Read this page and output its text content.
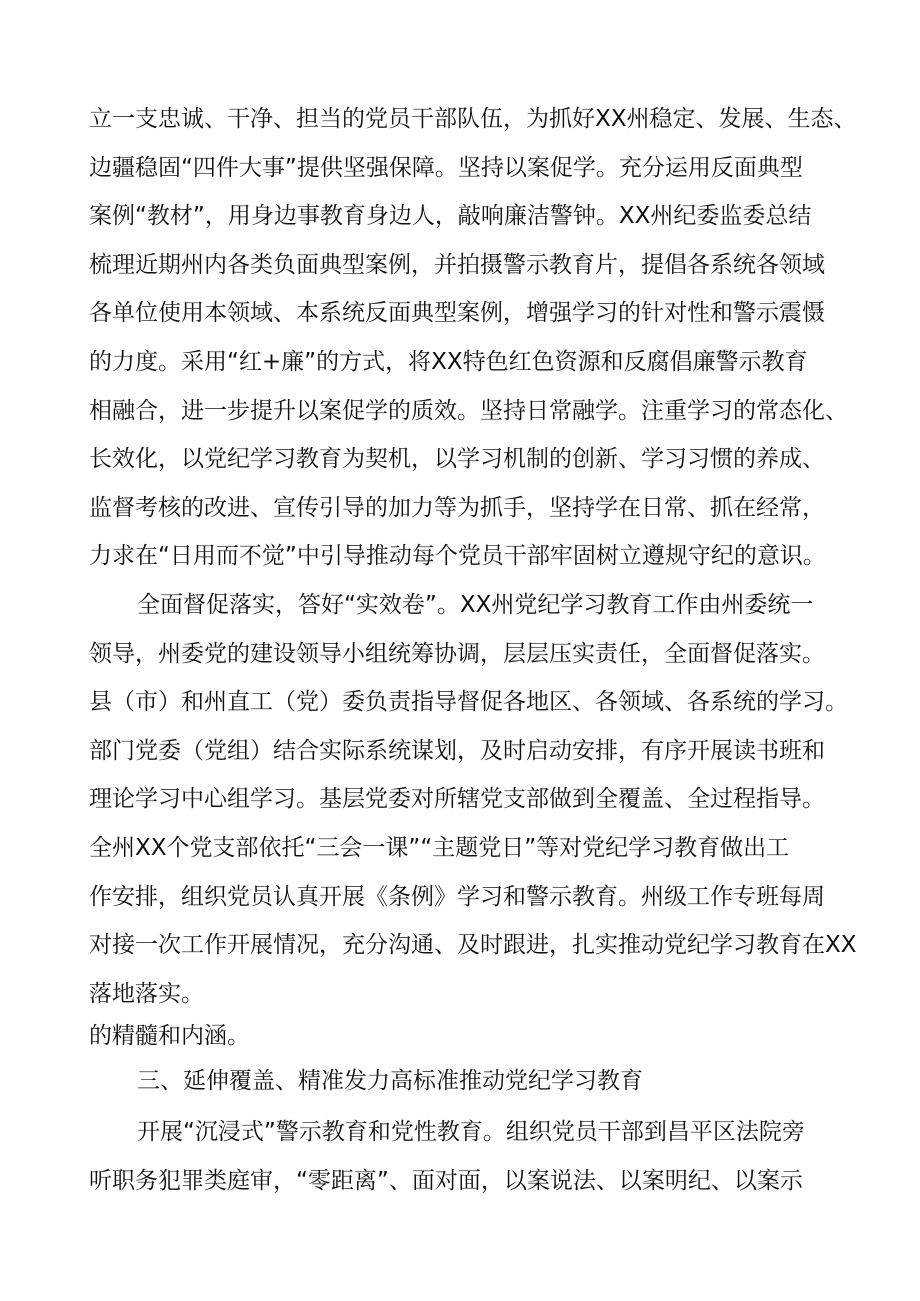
立一支忠诚、干净、担当的党员干部队伍，为抓好XX州稳定、发展、生态、
边疆稳固“四件大事”提供坚强保障。坚持以案促学。充分运用反面典型
案例“教材”，用身边事教育身边人，敲响廉洁警钟。XX州纪委监委总结
梳理近期州内各类负面典型案例，并拍摄警示教育片，提倡各系统各领域
各单位使用本领域、本系统反面典型案例，增强学习的针对性和警示震慑
的力度。采用“红+廉”的方式，将XX特色红色资源和反腐倡廉警示教育
相融合，进一步提升以案促学的质效。坚持日常融学。注重学习的常态化、
长效化，以党纪学习教育为契机，以学习机制的创新、学习习惯的养成、
监督考核的改进、宣传引导的加力等为抓手，坚持学在日常、抓在经常，
力求在“日用而不觉”中引导推动每个党员干部牢固树立遵规守纪的意识。
全面督促落实，答好“实效卷”。XX州党纪学习教育工作由州委统一
领导，州委党的建设领导小组统筹协调，层层压实责任，全面督促落实。
县（市）和州直工（党）委负责指导督促各地区、各领域、各系统的学习。
部门党委（党组）结合实际系统谋划，及时启动安排，有序开展读书班和
理论学习中心组学习。基层党委对所辖党支部做到全覆盖、全过程指导。
全州XX个党支部依托“三会一课”“主题党日”等对党纪学习教育做出工
作安排，组织党员认真开展《条例》学习和警示教育。州级工作专班每周
对接一次工作开展情况，充分沟通、及时跟进，扎实推动党纪学习教育在XX
落地落实。
的精髓和内涵。
三、延伸覆盖、精准发力高标准推动党纪学习教育
开展“沉浸式”警示教育和党性教育。组织党员干部到昌平区法院旁
听职务犯罪类庭审，“零距离”、面对面，以案说法、以案明纪、以案示
